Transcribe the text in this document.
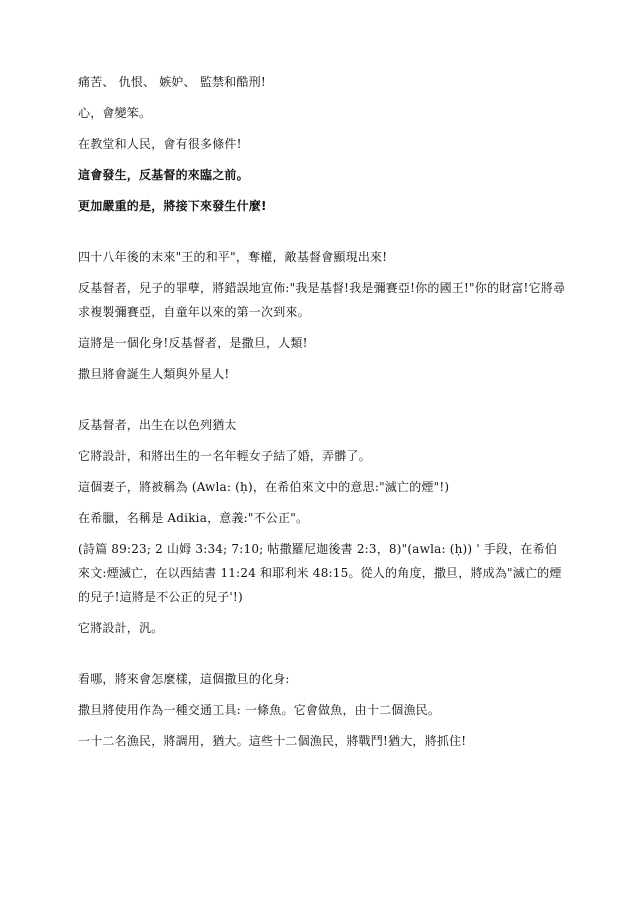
痛苦、 仇恨、 嫉妒、 監禁和酷刑!

心，會變笨。

在教堂和人民，會有很多條件!

這會發生，反基督的來臨之前。

更加嚴重的是，將接下來發生什麼!

四十八年後的末來"王的和平"，奪權，敵基督會顯現出來!

反基督者，兒子的罪孽，將錯誤地宣佈:"我是基督!我是彌賽亞!你的國王!"你的財富!它將尋求複製彌賽亞，自童年以來的第一次到來。

這將是一個化身!反基督者，是撒旦，人類!

撒旦將會誕生人類與外星人!

反基督者，出生在以色列猶太

它將設計，和將出生的一名年輕女子結了婚，弄髒了。

這個妻子，將被稱為 (Awla: (ḥ)，在希伯來文中的意思:"滅亡的煙"!)

在希臘，名稱是 Adikia，意義:"不公正"。

(詩篇 89:23; 2 山姆 3:34; 7:10; 帖撒羅尼迦後書 2:3，8)"(awla: (ḥ)) ' 手段，在希伯來文:煙滅亡，在以西結書 11:24 和耶利米 48:15。從人的角度，撒旦，將成為"滅亡的煙的兒子!這將是不公正的兒子'!)

它將設計，汎。

看哪，將來會怎麼樣，這個撒旦的化身:

撒旦將使用作為一種交通工具: 一條魚。它會做魚，由十二個漁民。

一十二名漁民，將調用，猶大。這些十二個漁民，將戰鬥!猶大，將抓住!
